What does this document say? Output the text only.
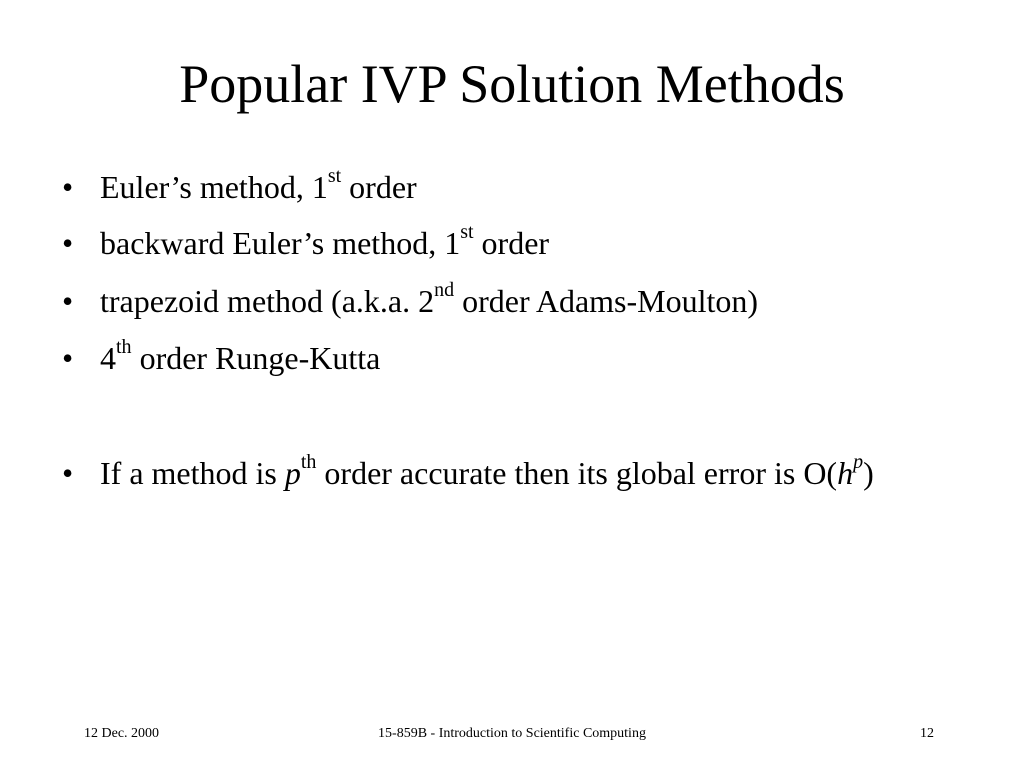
Popular IVP Solution Methods
• Euler’s method, 1st order
• backward Euler’s method, 1st order
• trapezoid method (a.k.a. 2nd order Adams-Moulton)
• 4th order Runge-Kutta
• If a method is $p^{th}$ order accurate then its global error is $O(h^p)$
15-859B - Introduction to Scientific Computing
12 Dec. 2000	12
